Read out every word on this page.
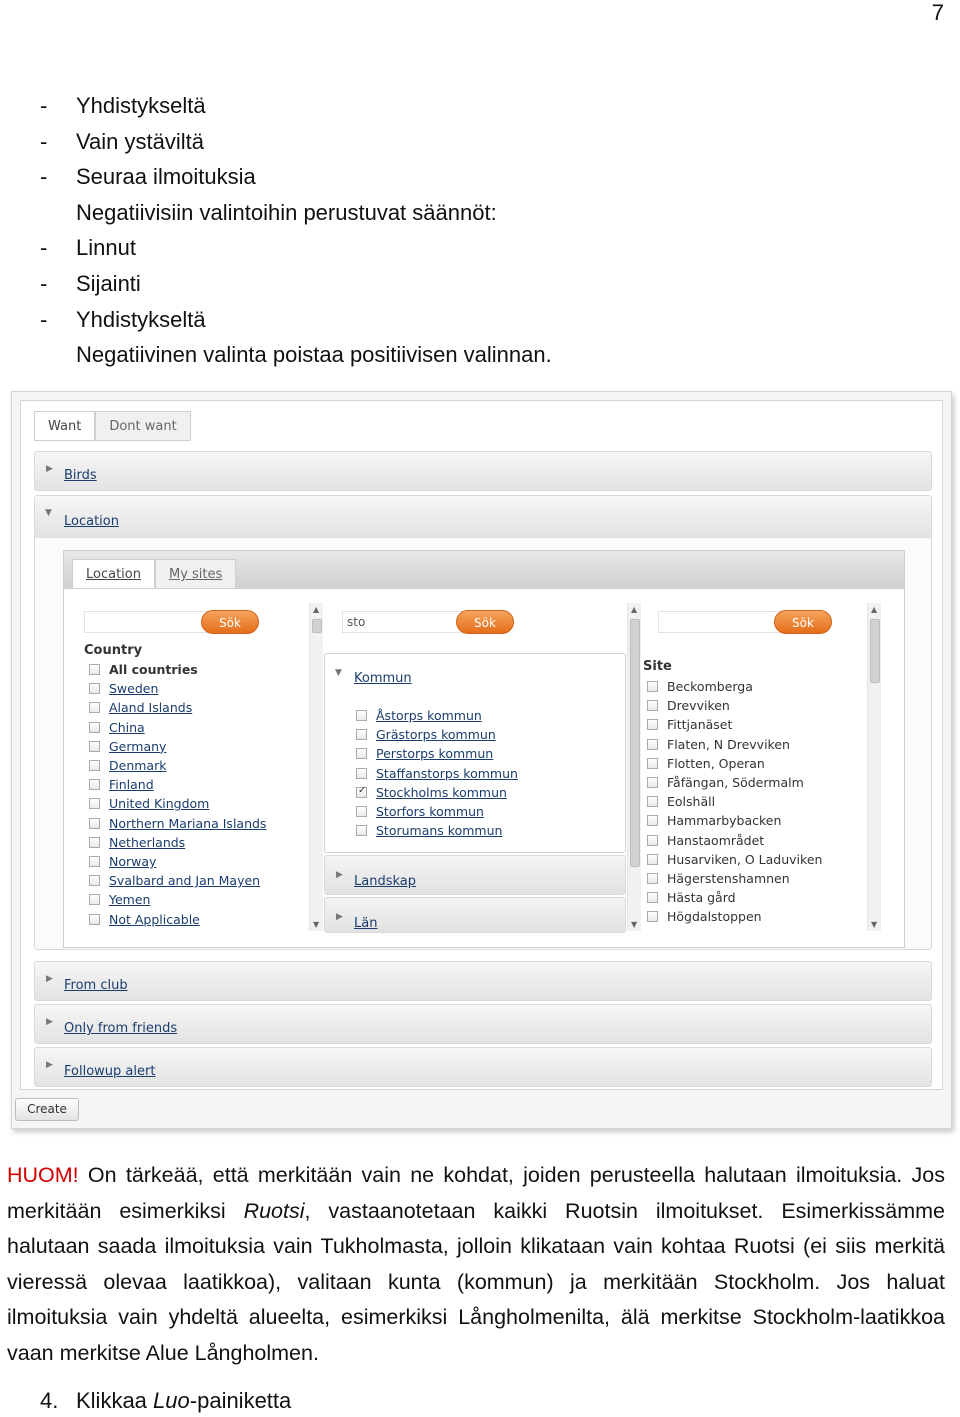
7
-	Yhdistykseltä
-	Vain ystäviltä
-	Seuraa ilmoituksia
Negatiivisiin valintoihin perustuvat säännöt:
-	Linnut
-	Sijainti
-	Yhdistykseltä
Negatiivinen valinta poistaa positiivisen valinnan.
Want	Dont want
▶ Birds
▼
Location
Location	My sites
Sök
Country
All countries
Sweden
Aland Islands
China
Germany
Denmark
Finland
United Kingdom
Northern Mariana Islands
Netherlands
Norway
Svalbard and Jan Mayen
Yemen
Not Applicable
▲
▼
sto	Sök
▼ Kommun
Åstorps kommun
Grästorps kommun
Perstorps kommun
Staffanstorps kommun
✓
Stockholms kommun
Storfors kommun
Storumans kommun
▶ Landskap
▶ Län
▲
▼
Sök
Site
Beckomberga
Drevviken
Fittjanäset
Flaten, N Drevviken
Flotten, Operan
Fåfängan, Södermalm
Eolshäll
Hammarbybacken
Hanstaområdet
Husarviken, O Laduviken
Hägerstenshamnen
Hästa gård
Högdalstoppen
▲
▼
▶ From club
▶ Only from friends
▶ Followup alert
Create
HUOM! On tärkeää, että merkitään vain ne kohdat, joiden perusteella halutaan ilmoituksia. Jos merkitään esimerkiksi Ruotsi, vastaanotetaan kaikki Ruotsin ilmoitukset. Esimerkissämme halutaan saada ilmoituksia vain Tukholmasta, jolloin klikataan vain kohtaa Ruotsi (ei siis merkitä vieressä olevaa laatikkoa), valitaan kunta (kommun) ja merkitään Stockholm. Jos haluat ilmoituksia vain yhdeltä alueelta, esimerkiksi Långholmenilta, älä merkitse Stockholm-laatikkoa vaan merkitse Alue Långholmen.
4. Klikkaa Luo-painiketta
